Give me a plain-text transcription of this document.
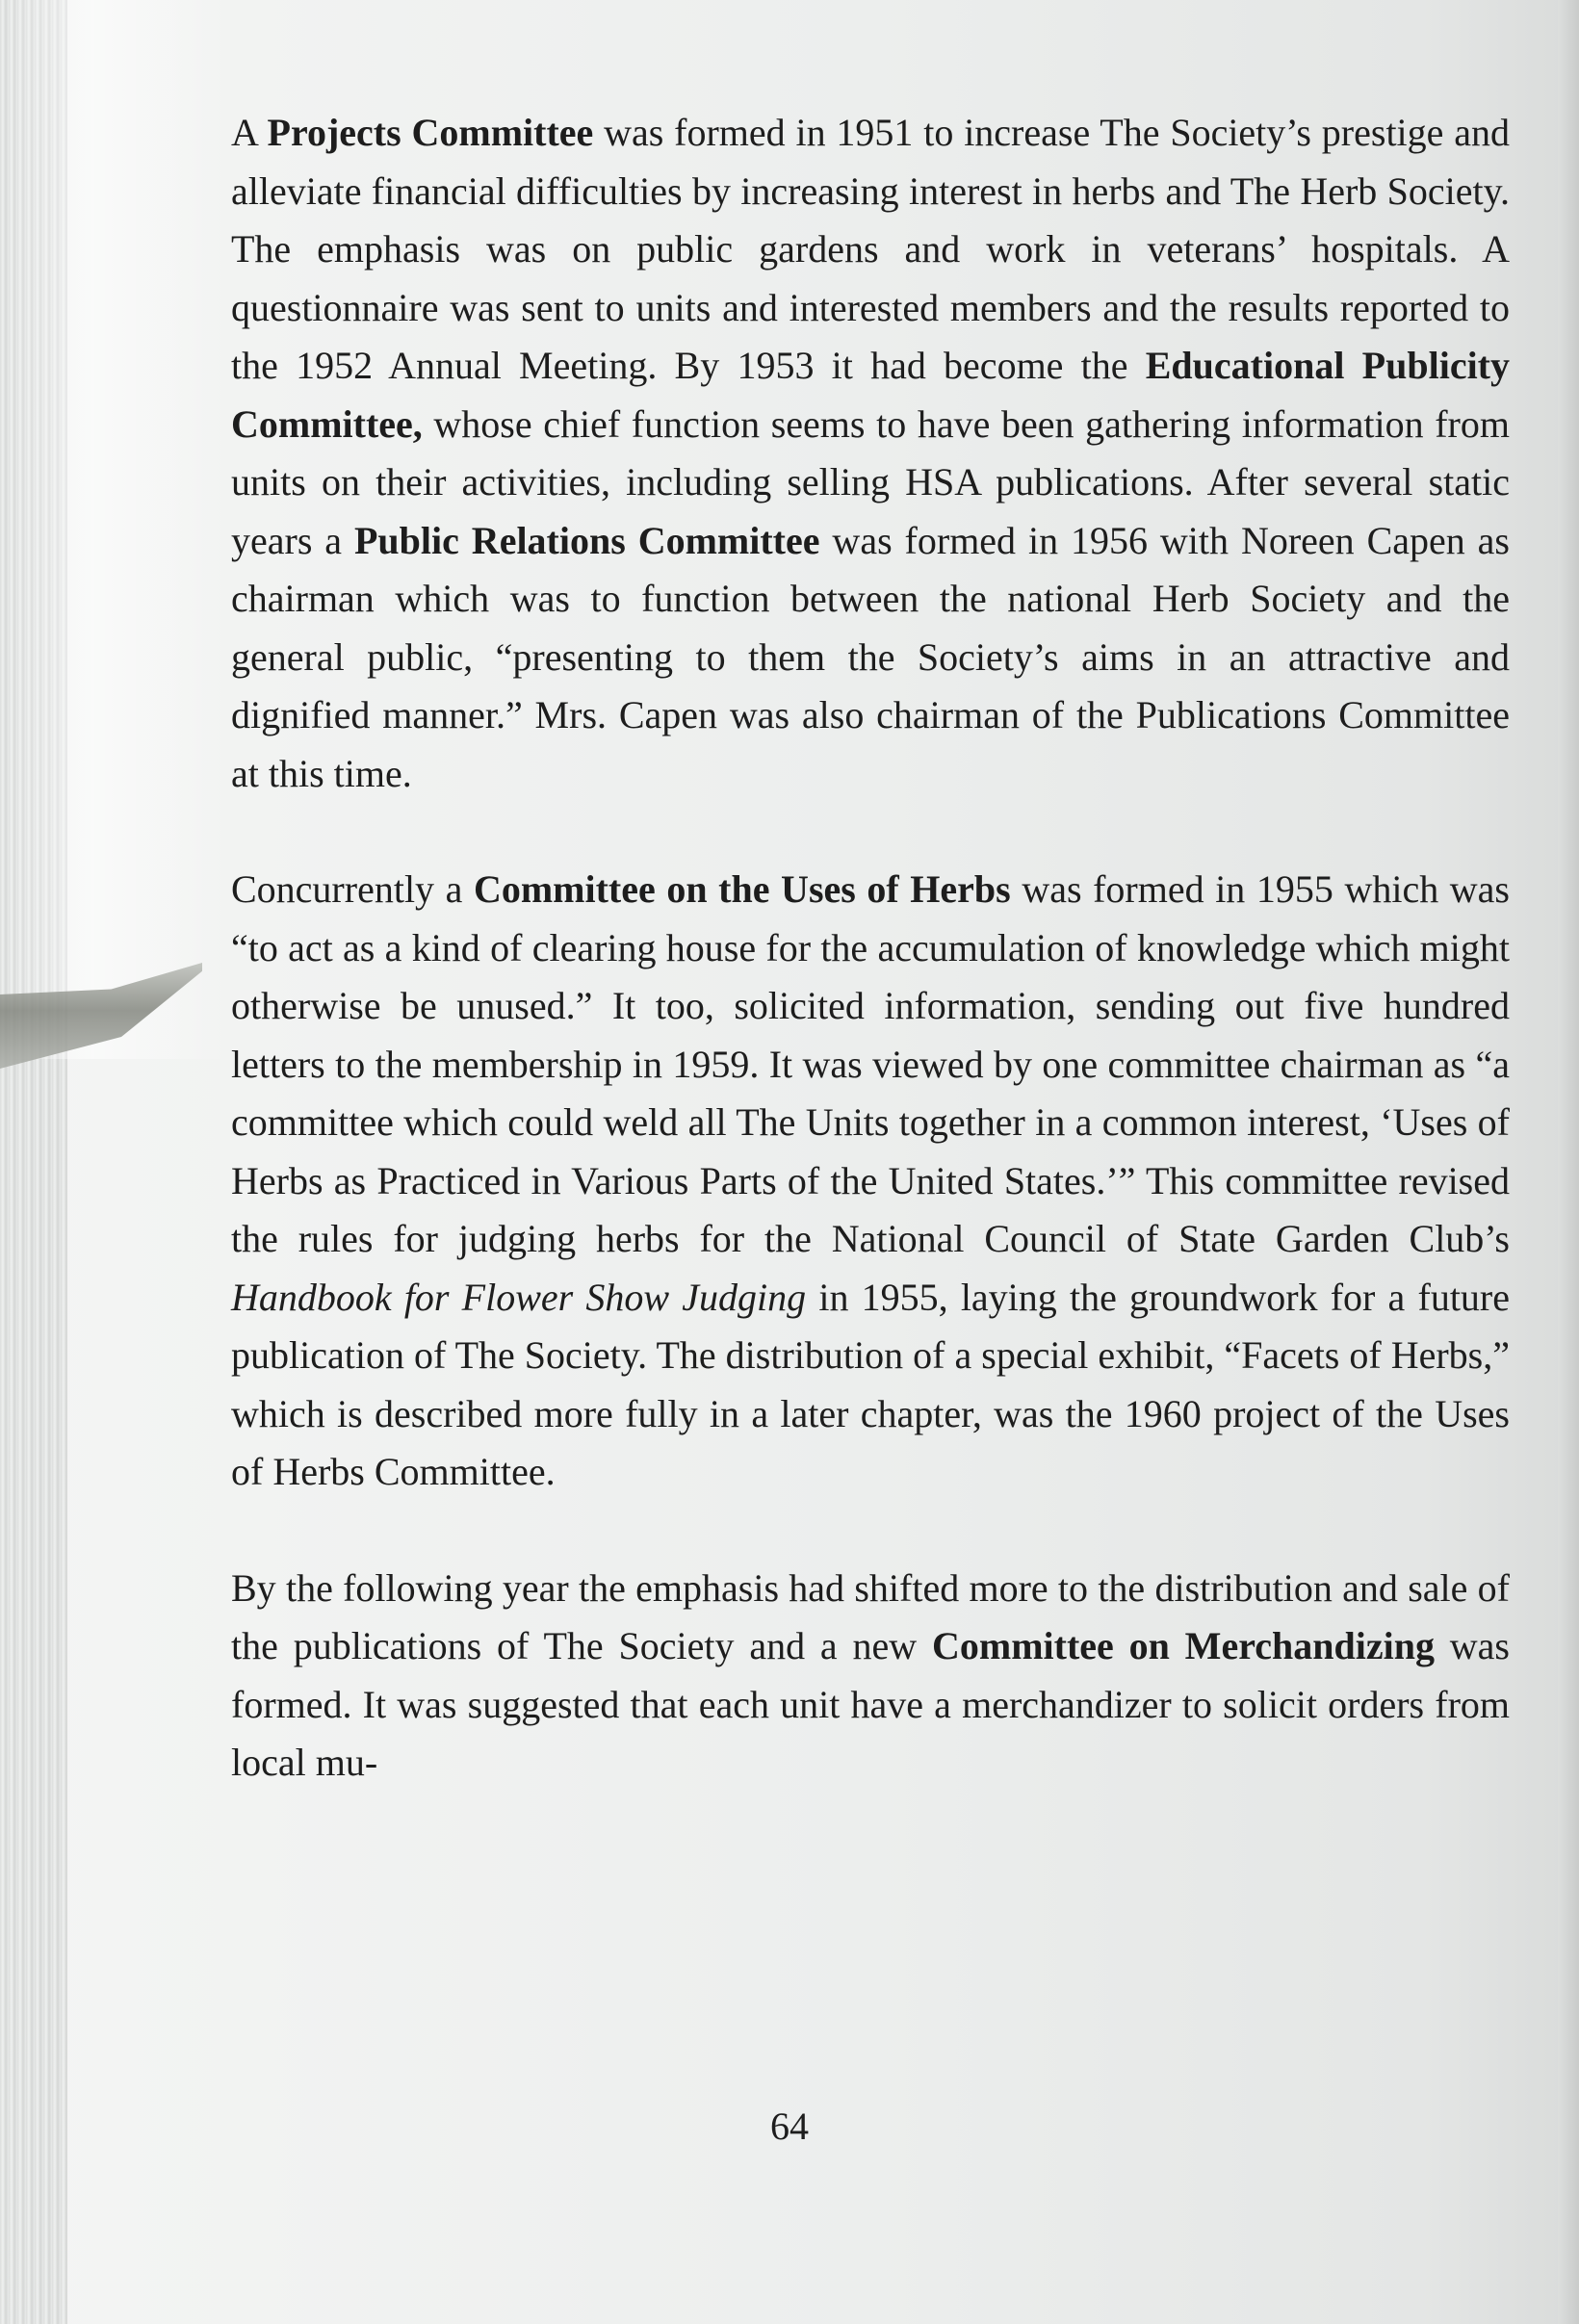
A Projects Committee was formed in 1951 to increase The Society’s prestige and alleviate financial difficulties by increasing interest in herbs and The Herb Society. The emphasis was on public gardens and work in veterans’ hospitals. A questionnaire was sent to units and interested members and the results reported to the 1952 Annual Meeting. By 1953 it had become the Educational Publicity Committee, whose chief function seems to have been gathering information from units on their activities, including selling HSA publications. After several static years a Public Relations Committee was formed in 1956 with Noreen Capen as chairman which was to function between the national Herb Society and the general public, “presenting to them the Society’s aims in an attractive and dignified manner.” Mrs. Capen was also chairman of the Publications Committee at this time.

Concurrently a Committee on the Uses of Herbs was formed in 1955 which was “to act as a kind of clearing house for the accumulation of knowledge which might otherwise be unused.” It too, solicited information, sending out five hundred letters to the membership in 1959. It was viewed by one committee chairman as “a committee which could weld all The Units together in a common interest, ‘Uses of Herbs as Practiced in Various Parts of the United States.’” This committee revised the rules for judging herbs for the National Council of State Garden Club’s Handbook for Flower Show Judging in 1955, laying the groundwork for a future publication of The Society. The distribution of a special exhibit, “Facets of Herbs,” which is described more fully in a later chapter, was the 1960 project of the Uses of Herbs Committee.

By the following year the emphasis had shifted more to the distribution and sale of the publications of The Society and a new Committee on Merchandizing was formed. It was suggested that each unit have a merchandizer to solicit orders from local mu-

64
